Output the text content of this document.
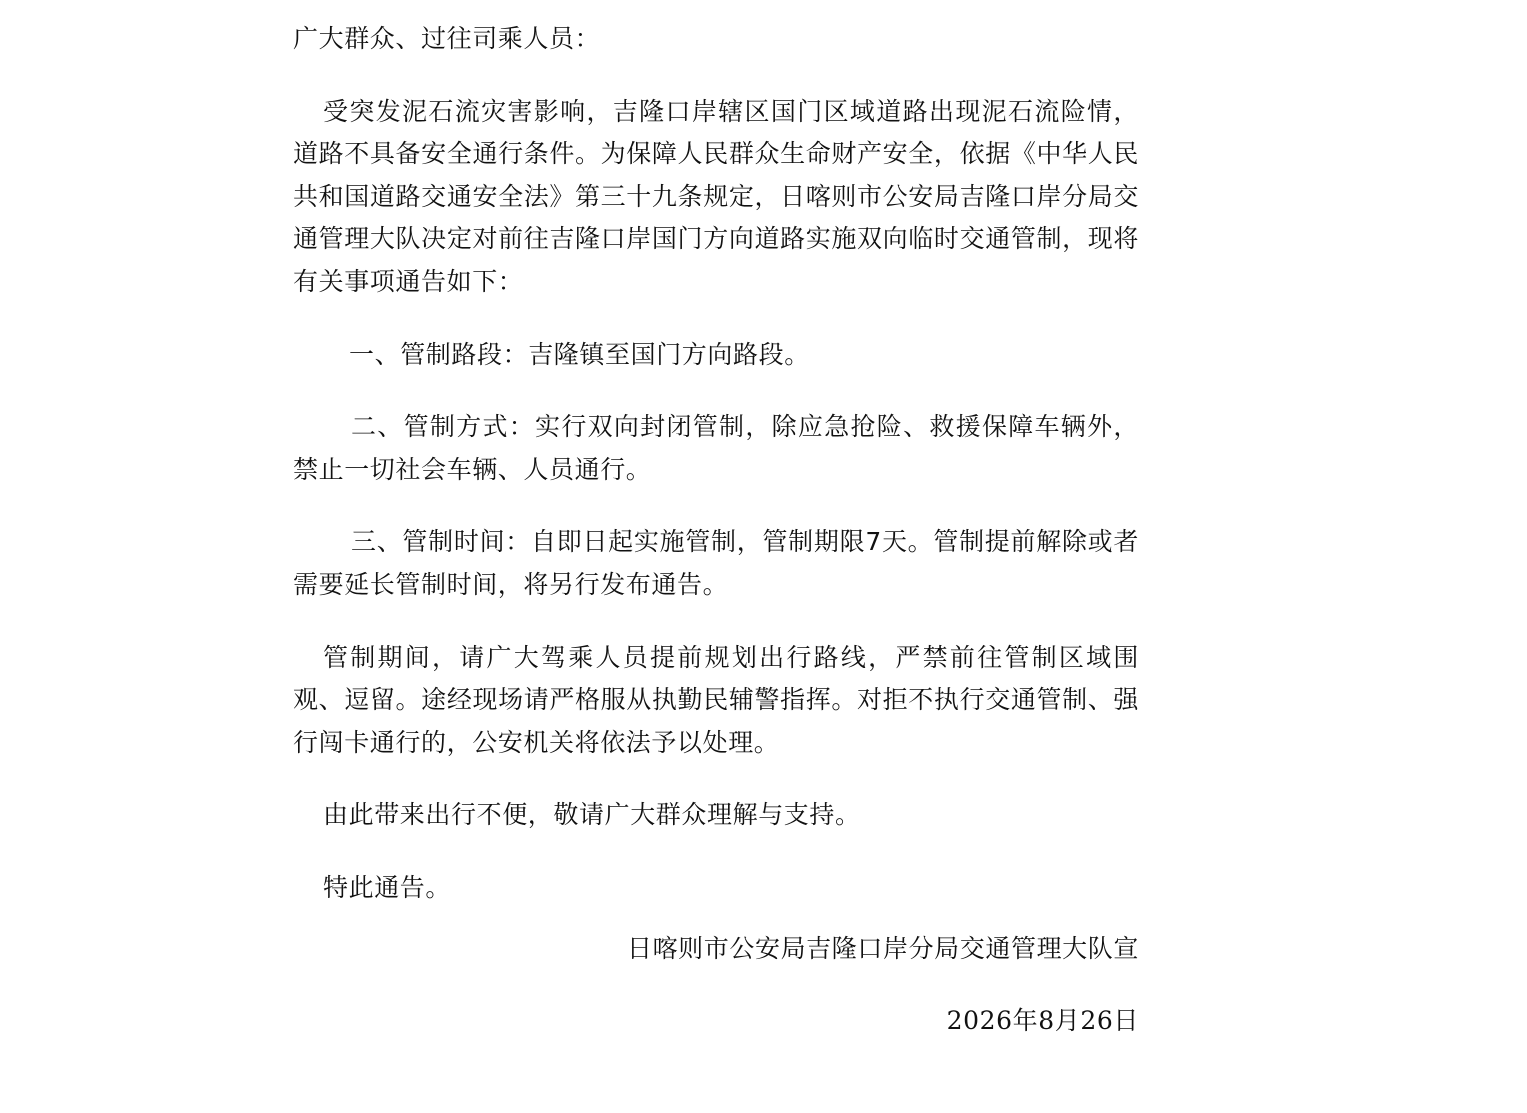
广大群众、过往司乘人员：

受突发泥石流灾害影响，吉隆口岸辖区国门区域道路出现泥石流险情，道路不具备安全通行条件。为保障人民群众生命财产安全，依据《中华人民共和国道路交通安全法》第三十九条规定，日喀则市公安局吉隆口岸分局交通管理大队决定对前往吉隆口岸国门方向道路实施双向临时交通管制，现将有关事项通告如下：

一、管制路段：吉隆镇至国门方向路段。

二、管制方式：实行双向封闭管制，除应急抢险、救援保障车辆外，禁止一切社会车辆、人员通行。

三、管制时间：自即日起实施管制，管制期限7天。管制提前解除或者需要延长管制时间，将另行发布通告。

管制期间，请广大驾乘人员提前规划出行路线，严禁前往管制区域围观、逗留。途经现场请严格服从执勤民辅警指挥。对拒不执行交通管制、强行闯卡通行的，公安机关将依法予以处理。

由此带来出行不便，敬请广大群众理解与支持。

特此通告。

日喀则市公安局吉隆口岸分局交通管理大队宣

2026年8月26日
